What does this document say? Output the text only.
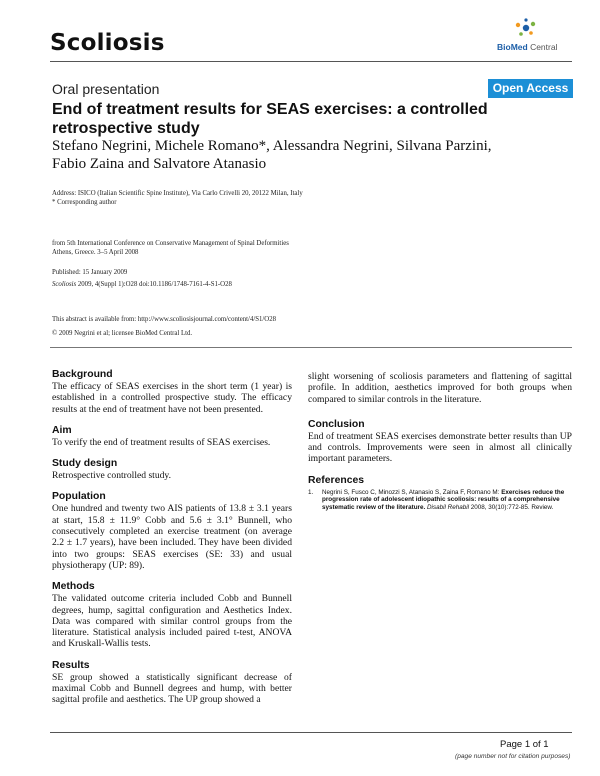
Scoliosis	BioMed Central
Oral presentation	Open Access
End of treatment results for SEAS exercises: a controlled
retrospective study
Stefano Negrini, Michele Romano*, Alessandra Negrini, Silvana Parzini,
Fabio Zaina and Salvatore Atanasio
Address: ISICO (Italian Scientific Spine Institute), Via Carlo Crivelli 20, 20122 Milan, Italy
* Corresponding author
from 5th International Conference on Conservative Management of Spinal Deformities
Athens, Greece. 3–5 April 2008
Published: 15 January 2009
Scoliosis 2009, 4(Suppl 1):O28 doi:10.1186/1748-7161-4-S1-O28
This abstract is available from: http://www.scoliosisjournal.com/content/4/S1/O28
© 2009 Negrini et al; licensee BioMed Central Ltd.
Background
The efficacy of SEAS exercises in the short term (1 year) is established in a controlled prospective study. The efficacy results at the end of treatment have not been presented.
Aim
To verify the end of treatment results of SEAS exercises.
Study design
Retrospective controlled study.
Population
One hundred and twenty two AIS patients of 13.8 ± 3.1 years at start, 15.8 ± 11.9° Cobb and 5.6 ± 3.1° Bunnell, who consecutively completed an exercise treatment (on average 2.2 ± 1.7 years), have been included. They have been divided into two groups: SEAS exercises (SE: 33) and usual physiotherapy (UP: 89).
Methods
The validated outcome criteria included Cobb and Bunnell degrees, hump, sagittal configuration and Aesthetics Index. Data was compared with similar control groups from the literature. Statistical analysis included paired t-test, ANOVA and Kruskall-Wallis tests.
Results
SE group showed a statistically significant decrease of maximal Cobb and Bunnell degrees and hump, with better sagittal profile and aesthetics. The UP group showed a
slight worsening of scoliosis parameters and flattening of sagittal profile. In addition, aesthetics improved for both groups when compared to similar controls in the literature.
Conclusion
End of treatment SEAS exercises demonstrate better results than UP and controls. Improvements were seen in almost all clinically important parameters.
References
1.	Negrini S, Fusco C, Minozzi S, Atanasio S, Zaina F, Romano M: Exercises reduce the progression rate of adolescent idiopathic scoliosis: results of a comprehensive systematic review of the literature. Disabil Rehabil 2008, 30(10):772-85. Review.
Page 1 of 1
(page number not for citation purposes)
